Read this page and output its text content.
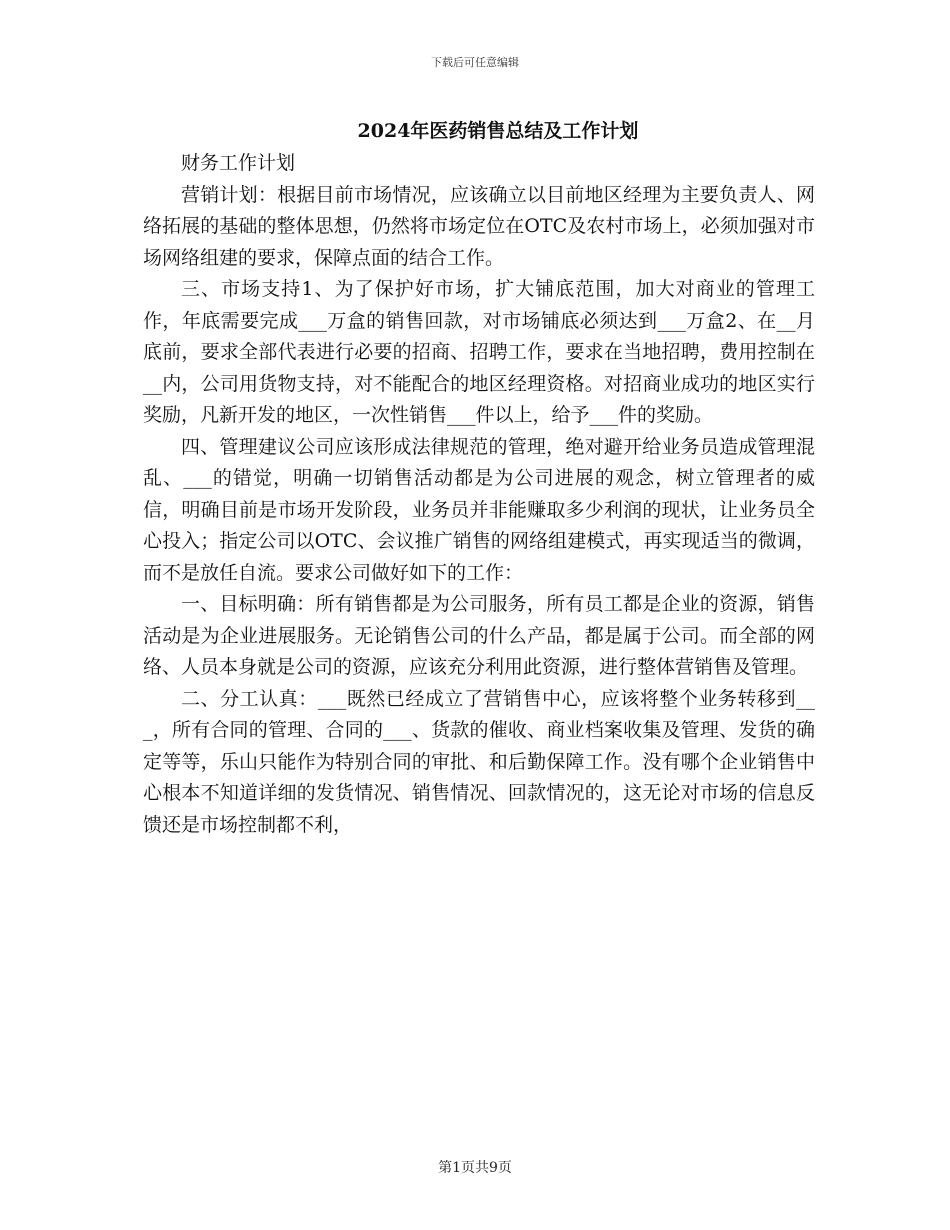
下载后可任意编辑
2024年医药销售总结及工作计划

财务工作计划

营销计划：根据目前市场情况，应该确立以目前地区经理为主要负责人、网络拓展的基础的整体思想，仍然将市场定位在OTC及农村市场上，必须加强对市场网络组建的要求，保障点面的结合工作。

三、市场支持1、为了保护好市场，扩大铺底范围，加大对商业的管理工作，年底需要完成___万盒的销售回款，对市场铺底必须达到___万盒2、在__月底前，要求全部代表进行必要的招商、招聘工作，要求在当地招聘，费用控制在__内，公司用货物支持，对不能配合的地区经理资格。对招商业成功的地区实行奖励，凡新开发的地区，一次性销售___件以上，给予___件的奖励。

四、管理建议公司应该形成法律规范的管理，绝对避开给业务员造成管理混乱、___的错觉，明确一切销售活动都是为公司进展的观念，树立管理者的威信，明确目前是市场开发阶段，业务员并非能赚取多少利润的现状，让业务员全心投入；指定公司以OTC、会议推广销售的网络组建模式，再实现适当的微调，而不是放任自流。要求公司做好如下的工作：

一、目标明确：所有销售都是为公司服务，所有员工都是企业的资源，销售活动是为企业进展服务。无论销售公司的什么产品，都是属于公司。而全部的网络、人员本身就是公司的资源，应该充分利用此资源，进行整体营销售及管理。

二、分工认真：___既然已经成立了营销售中心，应该将整个业务转移到___，所有合同的管理、合同的___、货款的催收、商业档案收集及管理、发货的确定等等，乐山只能作为特别合同的审批、和后勤保障工作。没有哪个企业销售中心根本不知道详细的发货情况、销售情况、回款情况的，这无论对市场的信息反馈还是市场控制都不利，

第1页共9页
